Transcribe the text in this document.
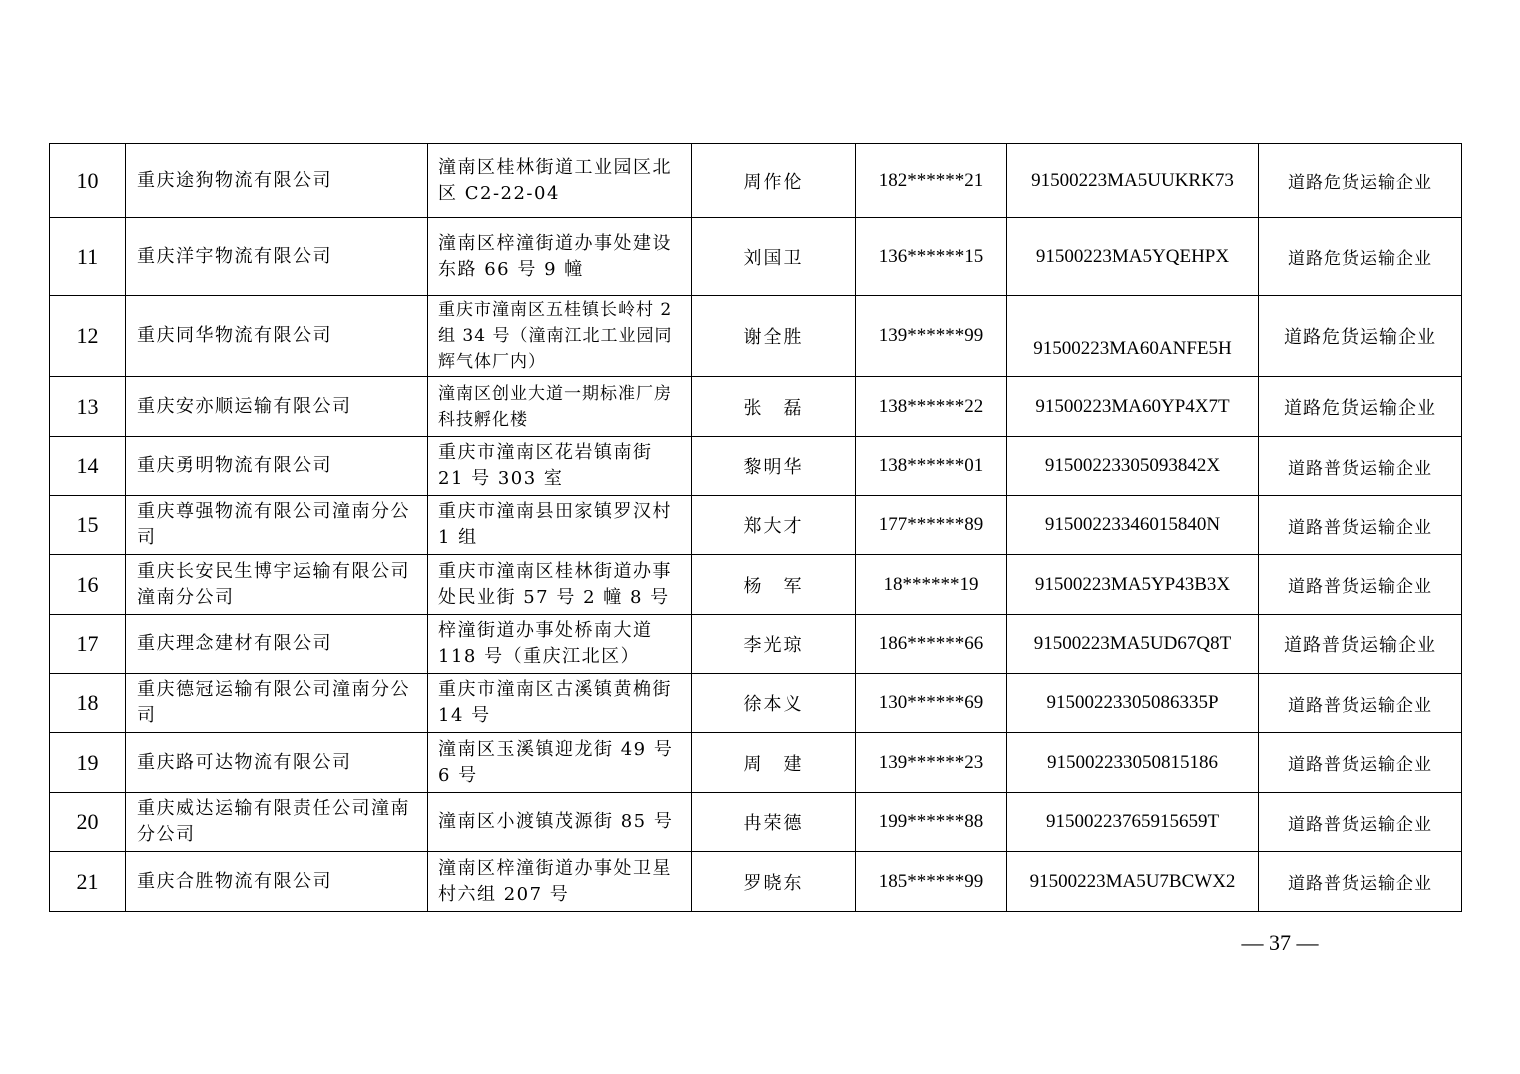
10	重庆途狗物流有限公司	潼南区桂林街道工业园区北区 C2-22-04	周作伦	182******21	91500223MA5UUKRK73	道路危货运输企业
11	重庆洋宇物流有限公司	潼南区梓潼街道办事处建设东路 66 号 9 幢	刘国卫	136******15	91500223MA5YQEHPX	道路危货运输企业
12	重庆同华物流有限公司	重庆市潼南区五桂镇长岭村 2 组 34 号（潼南江北工业园同辉气体厂内）	谢全胜	139******99	91500223MA60ANFE5H	道路危货运输企业
13	重庆安亦顺运输有限公司	潼南区创业大道一期标准厂房科技孵化楼	张　磊	138******22	91500223MA60YP4X7T	道路危货运输企业
14	重庆勇明物流有限公司	重庆市潼南区花岩镇南街 21 号 303 室	黎明华	138******01	91500223305093842X	道路普货运输企业
15	重庆尊强物流有限公司潼南分公司	重庆市潼南县田家镇罗汉村 1 组	郑大才	177******89	91500223346015840N	道路普货运输企业
16	重庆长安民生博宇运输有限公司潼南分公司	重庆市潼南区桂林街道办事处民业街 57 号 2 幢 8 号	杨　军	18******19	91500223MA5YP43B3X	道路普货运输企业
17	重庆理念建材有限公司	梓潼街道办事处桥南大道 118 号（重庆江北区）	李光琼	186******66	91500223MA5UD67Q8T	道路普货运输企业
18	重庆德冠运输有限公司潼南分公司	重庆市潼南区古溪镇黄桷街 14 号	徐本义	130******69	91500223305086335P	道路普货运输企业
19	重庆路可达物流有限公司	潼南区玉溪镇迎龙街 49 号 6 号	周　建	139******23	915002233050815186	道路普货运输企业
20	重庆威达运输有限责任公司潼南分公司	潼南区小渡镇茂源街 85 号	冉荣德	199******88	91500223765915659T	道路普货运输企业
21	重庆合胜物流有限公司	潼南区梓潼街道办事处卫星村六组 207 号	罗晓东	185******99	91500223MA5U7BCWX2	道路普货运输企业
— 37 —
